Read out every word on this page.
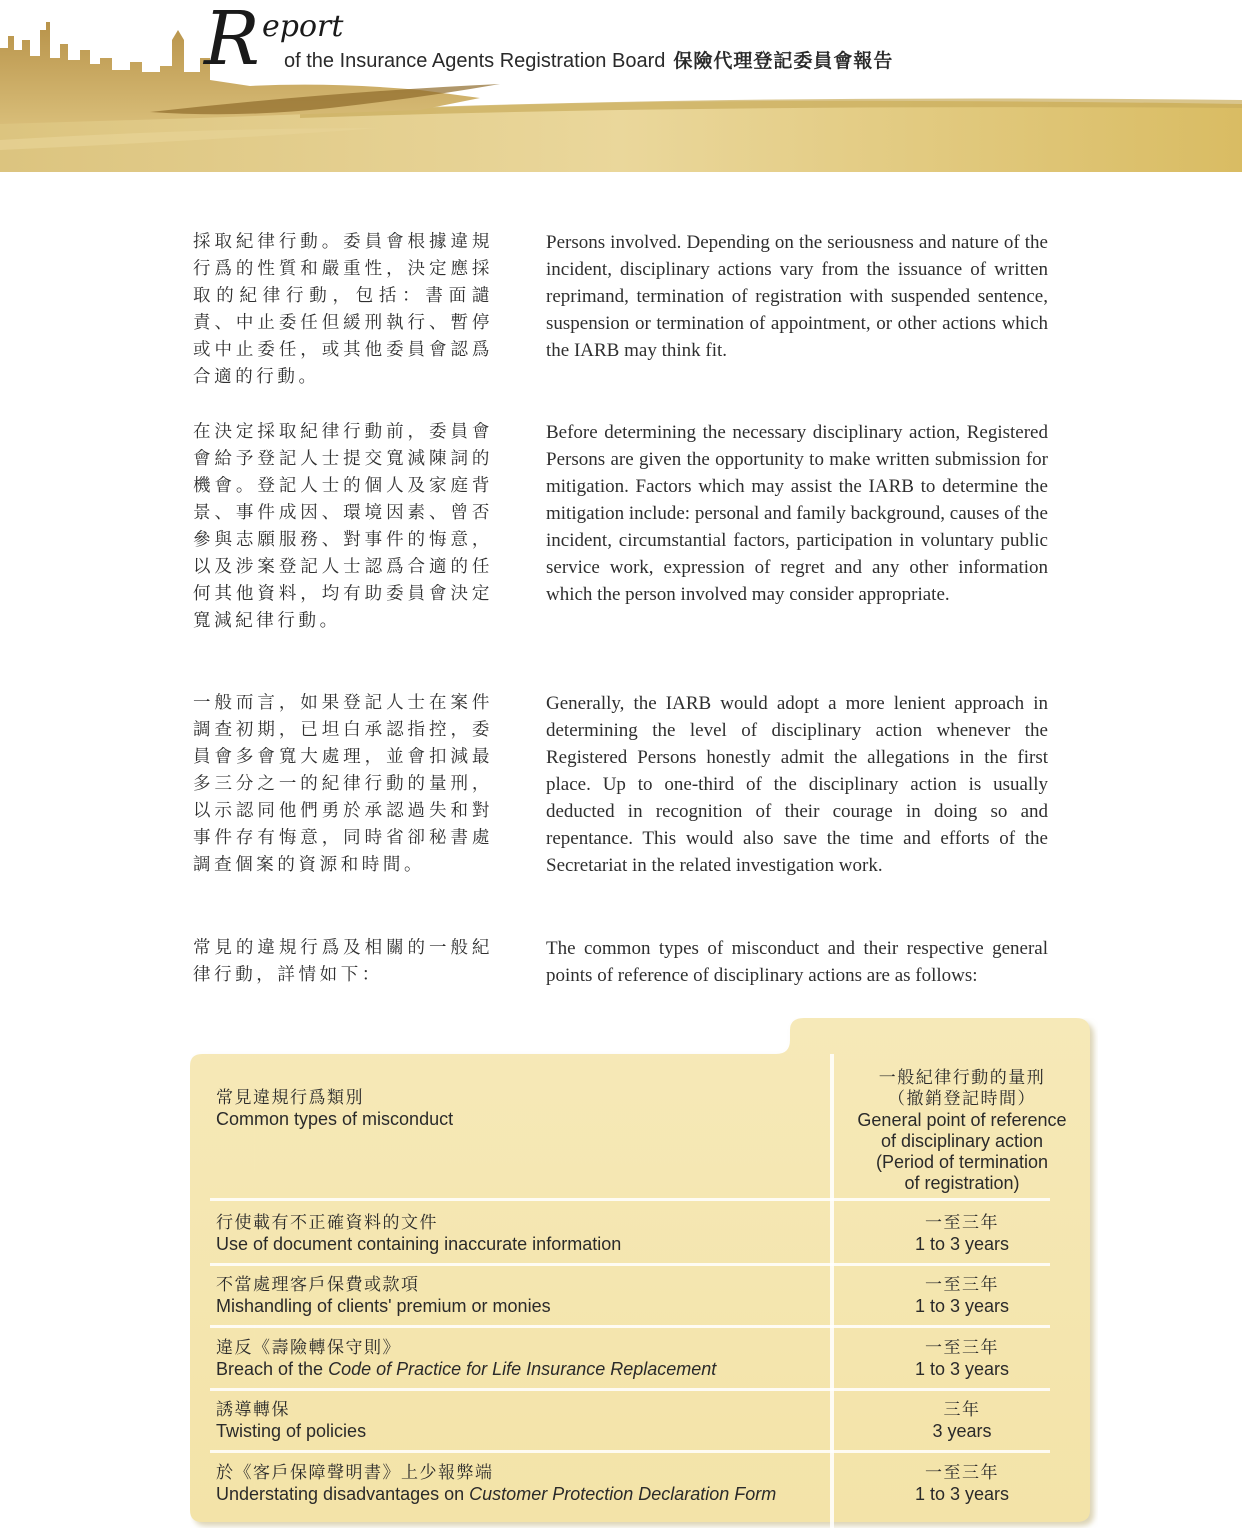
R eport
of the Insurance Agents Registration Board 保險代理登記委員會報告
採取紀律行動。委員會根據違規行爲的性質和嚴重性，決定應採取的紀律行動，包括：書面譴責、中止委任但緩刑執行、暫停或中止委任，或其他委員會認爲合適的行動。
Persons involved. Depending on the seriousness and nature of the incident, disciplinary actions vary from the issuance of written reprimand, termination of registration with suspended sentence, suspension or termination of appointment, or other actions which the IARB may think fit.
在決定採取紀律行動前，委員會會給予登記人士提交寬減陳詞的機會。登記人士的個人及家庭背景、事件成因、環境因素、曾否參與志願服務、對事件的悔意，以及涉案登記人士認爲合適的任何其他資料，均有助委員會決定寬減紀律行動。
Before determining the necessary disciplinary action, Registered Persons are given the opportunity to make written submission for mitigation. Factors which may assist the IARB to determine the mitigation include: personal and family background, causes of the incident, circumstantial factors, participation in voluntary public service work, expression of regret and any other information which the person involved may consider appropriate.
一般而言，如果登記人士在案件調查初期，已坦白承認指控，委員會多會寬大處理，並會扣減最多三分之一的紀律行動的量刑，以示認同他們勇於承認過失和對事件存有悔意，同時省卻秘書處調查個案的資源和時間。
Generally, the IARB would adopt a more lenient approach in determining the level of disciplinary action whenever the Registered Persons honestly admit the allegations in the first place. Up to one-third of the disciplinary action is usually deducted in recognition of their courage in doing so and repentance. This would also save the time and efforts of the Secretariat in the related investigation work.
常見的違規行爲及相關的一般紀律行動，詳情如下：
The common types of misconduct and their respective general points of reference of disciplinary actions are as follows:
常見違規行爲類別
Common types of misconduct
一般紀律行動的量刑
（撤銷登記時間）
General point of reference
of disciplinary action
(Period of termination
of registration)
行使載有不正確資料的文件
Use of document containing inaccurate information
一至三年
1 to 3 years
不當處理客戶保費或款項
Mishandling of clients' premium or monies
一至三年
1 to 3 years
違反《壽險轉保守則》
Breach of the Code of Practice for Life Insurance Replacement
一至三年
1 to 3 years
誘導轉保
Twisting of policies
三年
3 years
於《客戶保障聲明書》上少報弊端
Understating disadvantages on Customer Protection Declaration Form
一至三年
1 to 3 years
